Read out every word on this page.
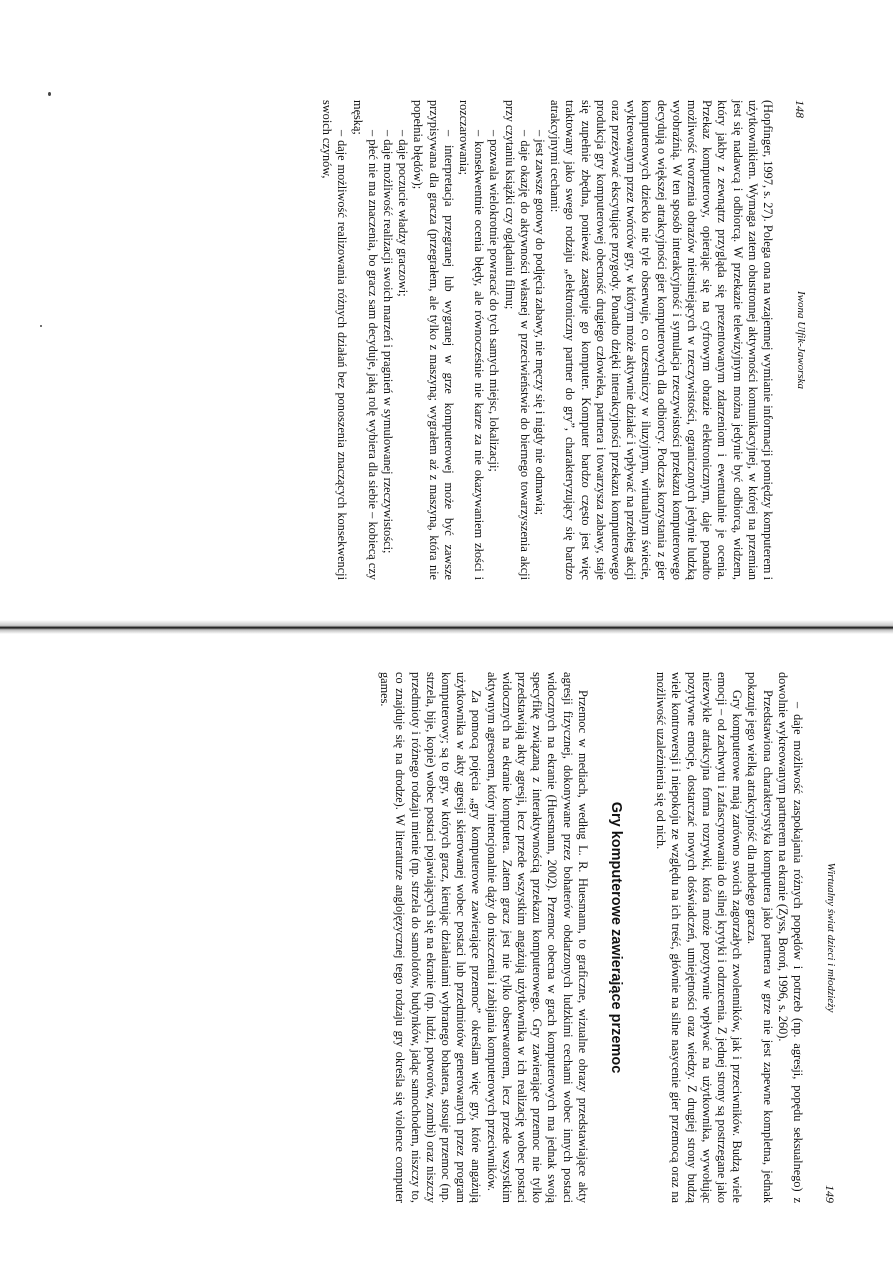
148
Iwona Ulfik-Jaworska

(Hopfinger, 1997, s. 27). Polega ona na wzajemnej wymianie informacji pomiędzy komputerem i użytkownikiem. Wymaga zatem obustronnej aktywności komunikacyjnej, w której na przemian jest się nadawcą i odbiorcą. W przekazie telewizyjnym można jedynie być odbiorcą, widzem, który jakby z zewnątrz przygląda się prezentowanym zdarzeniom i ewentualnie je ocenia. Przekaz komputerowy, opierając się na cyfrowym obrazie elektronicznym, daje ponadto możliwość tworzenia obrazów nieistniejących w rzeczywistości, ograniczonych jedynie ludzką wyobraźnią. W ten sposób interakcyjność i symulacja rzeczywistości przekazu komputerowego decydują o większej atrakcyjności gier komputerowych dla odbiorcy. Podczas korzystania z gier komputerowych dziecko nie tyle obserwuje, co uczestniczy w iluzyjnym, wirtualnym świecie, wykreowanym przez twórców gry, w którym może aktywnie działać i wpływać na przebieg akcji oraz przeżywać ekscytujące przygody. Ponadto dzięki interakcyjności przekazu komputerowego produkcja gry komputerowej obecność drugiego człowieka, partnera i towarzysza zabawy, staje się zupełnie zbędna, ponieważ zastępuje go komputer. Komputer bardzo często jest więc traktowany jako swego rodzaju „elektroniczny partner do gry”, charakteryzujący się bardzo atrakcyjnymi cechami:

– jest zawsze gotowy do podjęcia zabawy, nie męczy się i nigdy nie odmawia;

– daje okazję do aktywności własnej w przeciwieństwie do biernego towarzyszenia akcji przy czytaniu książki czy oglądaniu filmu;

– pozwala wielokrotnie powracać do tych samych miejsc, lokalizacji;

– konsekwentnie ocenia błędy, ale równocześnie nie karze za nie okazywaniem złości i rozczarowania;

– interpretacja przegranej lub wygranej w grze komputerowej może być zawsze przypisywana dla gracza (przegrałem, ale tylko z maszyną; wygrałem aż z maszyną, która nie popełnia błędów);

– daje poczucie władzy graczowi;

– daje możliwość realizacji swoich marzeń i pragnień w symulowanej rzeczywistości;

– płeć nie ma znaczenia, bo gracz sam decyduje, jaką rolę wybiera dla siebie – kobiecą czy męską;

– daje możliwość realizowania różnych działań bez ponoszenia znaczących konsekwencji swoich czynów,

149
Wirtualny świat dzieci i młodzieży

– daje możliwość zaspokajania różnych popędów i potrzeb (np. agresji, popędu seksualnego) z dowolnie wykreowanym partnerem na ekranie (Zyss, Boroń, 1996, s. 260).

Przedstawiona charakterystyka komputera jako partnera w grze nie jest zapewne kompletna, jednak pokazuje jego wielką atrakcyjność dla młodego gracza.

Gry komputerowe mają zarówno swoich zagorzałych zwolenników, jak i przeciwników. Budzą wiele emocji – od zachwytu i zafascynowania do silnej krytyki i odrzucenia. Z jednej strony są postrzegane jako niezwykle atrakcyjna forma rozrywki, która może pozytywnie wpływać na użytkownika, wywołując pozytywne emocje, dostarczać nowych doświadczeń, umiejętności oraz wiedzy. Z drugiej strony budzą wiele kontrowersji i niepokoju ze względu na ich treść, głównie na silne nasycenie gier przemocą oraz na możliwość uzależnienia się od nich.

Gry komputerowe zawierające przemoc

Przemoc w mediach, według L. R. Huesmann, to graficzne, wizualne obrazy przedstawiające akty agresji fizycznej, dokonywane przez bohaterów obdarzonych ludzkimi cechami wobec innych postaci widocznych na ekranie (Huesmann, 2002). Przemoc obecna w grach komputerowych ma jednak swoją specyfikę związaną z interaktywnością przekazu komputerowego. Gry zawierające przemoc nie tylko przedstawiają akty agresji, lecz przede wszystkim angażują użytkownika w ich realizację wobec postaci widocznych na ekranie komputera. Zatem gracz jest nie tylko obserwatorem, lecz przede wszystkim aktywnym agresorem, który intencjonalnie dąży do niszczenia i zabijania komputerowych przeciwników.

Za pomocą pojęcia „gry komputerowe zawierające przemoc” określam więc gry, które angażują użytkownika w akty agresji skierowanej wobec postaci lub przedmiotów generowanych przez program komputerowy; są to gry, w których gracz, kierując działaniami wybranego bohatera, stosuje przemoc (np. strzela, bije, kopie) wobec postaci pojawiających się na ekranie (np. ludzi, potworów, zombi) oraz niszczy przedmioty i różnego rodzaju mienie (np. strzela do samolotów, budynków, jadąc samochodem, niszczy to, co znajduje się na drodze). W literaturze anglojęzycznej tego rodzaju gry określa się violence computer games.
